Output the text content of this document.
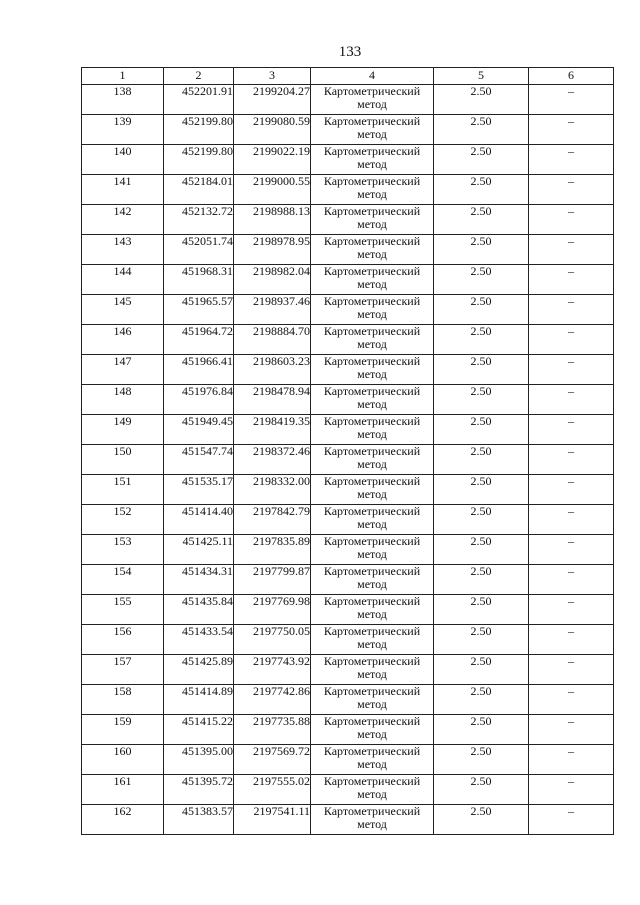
133
1	2	3	4	5	6
138	452201.91	2199204.27	Картометрический метод	2.50	–
139	452199.80	2199080.59	Картометрический метод	2.50	–
140	452199.80	2199022.19	Картометрический метод	2.50	–
141	452184.01	2199000.55	Картометрический метод	2.50	–
142	452132.72	2198988.13	Картометрический метод	2.50	–
143	452051.74	2198978.95	Картометрический метод	2.50	–
144	451968.31	2198982.04	Картометрический метод	2.50	–
145	451965.57	2198937.46	Картометрический метод	2.50	–
146	451964.72	2198884.70	Картометрический метод	2.50	–
147	451966.41	2198603.23	Картометрический метод	2.50	–
148	451976.84	2198478.94	Картометрический метод	2.50	–
149	451949.45	2198419.35	Картометрический метод	2.50	–
150	451547.74	2198372.46	Картометрический метод	2.50	–
151	451535.17	2198332.00	Картометрический метод	2.50	–
152	451414.40	2197842.79	Картометрический метод	2.50	–
153	451425.11	2197835.89	Картометрический метод	2.50	–
154	451434.31	2197799.87	Картометрический метод	2.50	–
155	451435.84	2197769.98	Картометрический метод	2.50	–
156	451433.54	2197750.05	Картометрический метод	2.50	–
157	451425.89	2197743.92	Картометрический метод	2.50	–
158	451414.89	2197742.86	Картометрический метод	2.50	–
159	451415.22	2197735.88	Картометрический метод	2.50	–
160	451395.00	2197569.72	Картометрический метод	2.50	–
161	451395.72	2197555.02	Картометрический метод	2.50	–
162	451383.57	2197541.11	Картометрический метод	2.50	–
